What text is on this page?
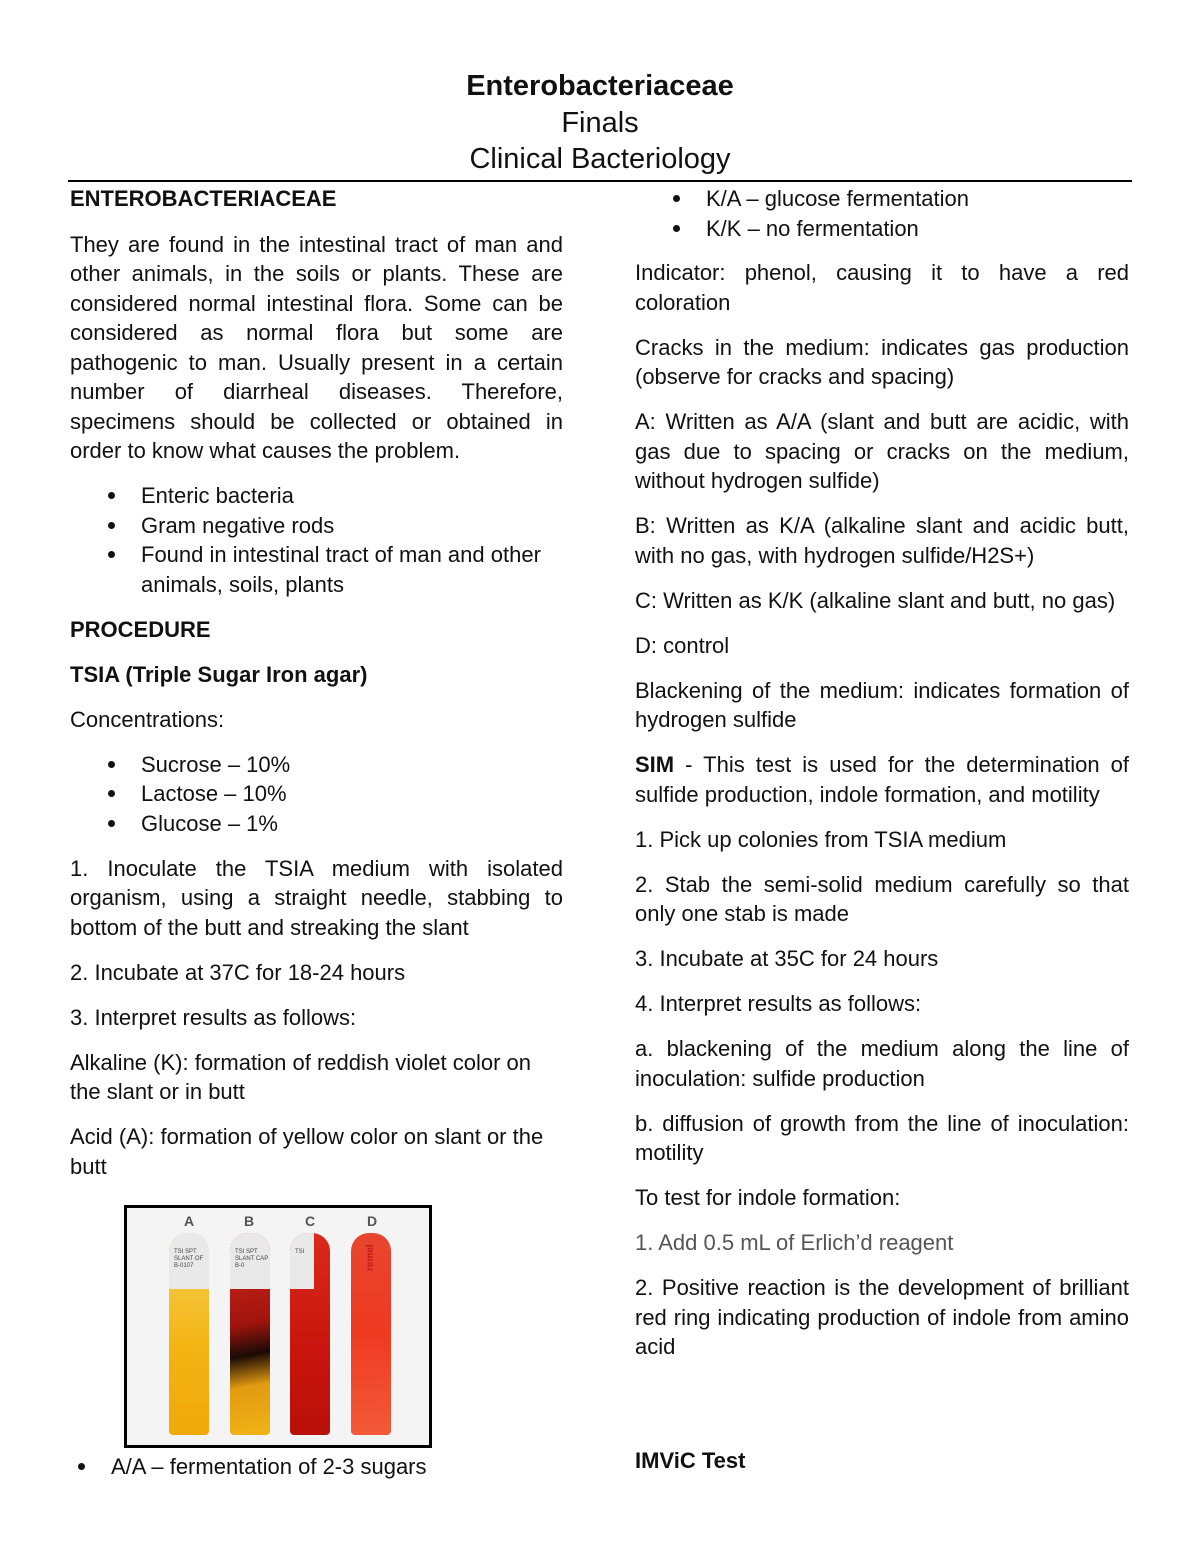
Enterobacteriaceae
Finals
Clinical Bacteriology

ENTEROBACTERIACEAE

They are found in the intestinal tract of man and other animals, in the soils or plants. These are considered normal intestinal flora. Some can be considered as normal flora but some are pathogenic to man. Usually present in a certain number of diarrheal diseases. Therefore, specimens should be collected or obtained in order to know what causes the problem.

Enteric bacteria
Gram negative rods
Found in intestinal tract of man and other animals, soils, plants

PROCEDURE

TSIA (Triple Sugar Iron agar)

Concentrations:

Sucrose – 10%
Lactose – 10%
Glucose – 1%

1. Inoculate the TSIA medium with isolated organism, using a straight needle, stabbing to bottom of the butt and streaking the slant

2. Incubate at 37C for 18-24 hours

3. Interpret results as follows:

Alkaline (K): formation of reddish violet color on the slant or in butt

Acid (A): formation of yellow color on slant or the butt

A	B	C	D
TSI SPT SLANT OF B-0107
TSI SPT SLANT CAP B-0
TSI	remel
A/A – fermentation of 2-3 sugars
K/A – glucose fermentation
K/K – no fermentation

Indicator: phenol, causing it to have a red coloration

Cracks in the medium: indicates gas production (observe for cracks and spacing)

A: Written as A/A (slant and butt are acidic, with gas due to spacing or cracks on the medium, without hydrogen sulfide)

B: Written as K/A (alkaline slant and acidic butt, with no gas, with hydrogen sulfide/H2S+)

C: Written as K/K (alkaline slant and butt, no gas)

D: control

Blackening of the medium: indicates formation of hydrogen sulfide

SIM - This test is used for the determination of sulfide production, indole formation, and motility

1. Pick up colonies from TSIA medium

2. Stab the semi-solid medium carefully so that only one stab is made

3. Incubate at 35C for 24 hours

4. Interpret results as follows:

a. blackening of the medium along the line of inoculation: sulfide production

b. diffusion of growth from the line of inoculation: motility

To test for indole formation:

1. Add 0.5 mL of Erlich’d reagent

2. Positive reaction is the development of brilliant red ring indicating production of indole from amino acid

IMViC Test
